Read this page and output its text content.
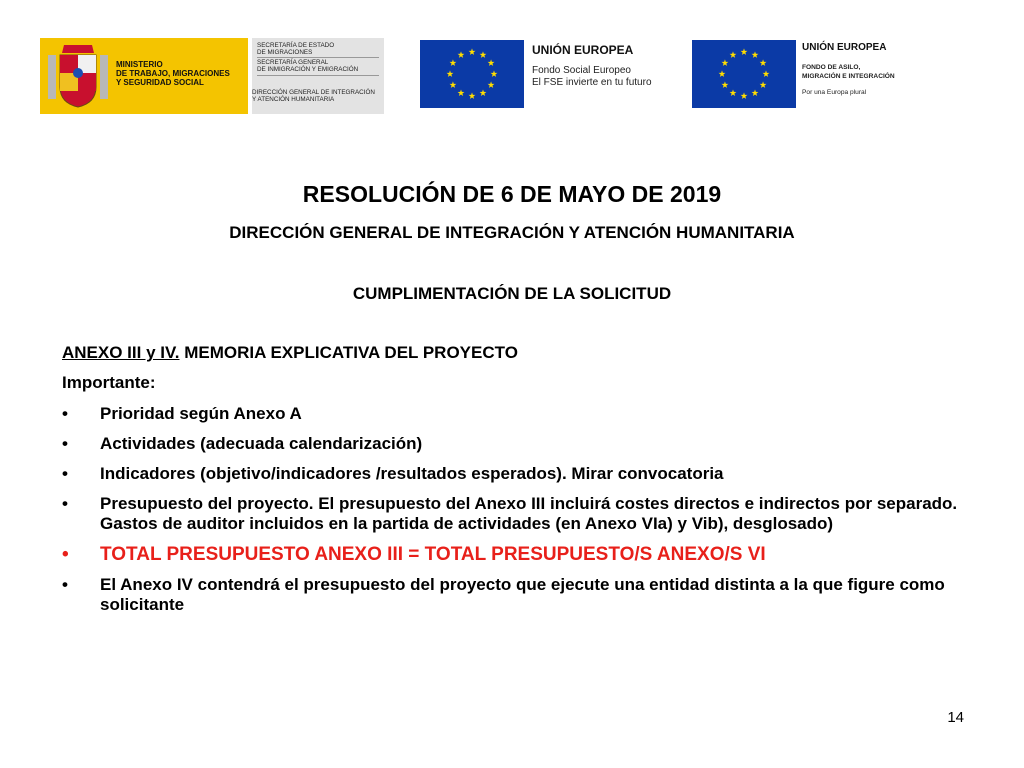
MINISTERIO
DE TRABAJO, MIGRACIONES
Y SEGURIDAD SOCIAL
SECRETARÍA DE ESTADO
DE MIGRACIONES
SECRETARÍA GENERAL
DE INMIGRACIÓN Y EMIGRACIÓN
DIRECCIÓN GENERAL DE INTEGRACIÓN
Y ATENCIÓN HUMANITARIA
UNIÓN EUROPEA
Fondo Social Europeo
El FSE invierte en tu futuro
UNIÓN EUROPEA
FONDO DE ASILO,
MIGRACIÓN E INTEGRACIÓN
Por una Europa plural
RESOLUCIÓN DE 6 DE MAYO DE 2019
DIRECCIÓN GENERAL DE INTEGRACIÓN Y ATENCIÓN HUMANITARIA
CUMPLIMENTACIÓN DE LA SOLICITUD
ANEXO III y IV. MEMORIA EXPLICATIVA DEL PROYECTO
Importante:
• Prioridad según Anexo A
• Actividades (adecuada calendarización)
• Indicadores (objetivo/indicadores /resultados esperados). Mirar convocatoria
• Presupuesto del proyecto. El presupuesto del Anexo III incluirá costes directos e indirectos por separado. Gastos de auditor incluidos en la partida de actividades (en Anexo VIa) y Vib), desglosado)
• TOTAL PRESUPUESTO ANEXO III = TOTAL PRESUPUESTO/S ANEXO/S VI
• El Anexo IV contendrá el presupuesto del proyecto que ejecute una entidad distinta a la que figure como solicitante
14
